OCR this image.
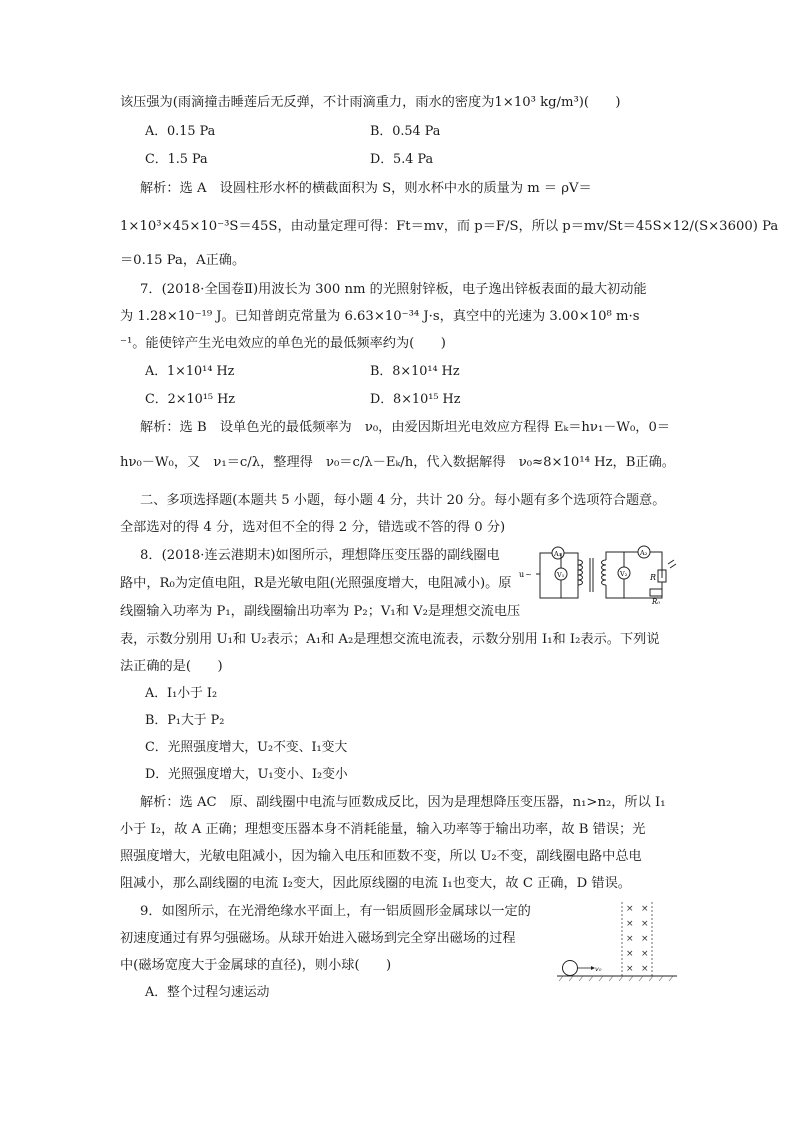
该压强为(雨滴撞击睡莲后无反弹，不计雨滴重力，雨水的密度为1×10³ kg/m³)(　　)
A．0.15 Pa	B．0.54 Pa
C．1.5 Pa	D．5.4 Pa
解析：选 A　设圆柱形水杯的横截面积为 S，则水杯中水的质量为 m ＝ ρV＝
1×10³×45×10⁻³S＝45S，由动量定理可得：Ft＝mv，而 p＝F/S，所以 p＝mv/St＝45S×12/(S×3600) Pa
＝0.15 Pa，A正确。
7．(2018·全国卷Ⅱ)用波长为 300 nm 的光照射锌板，电子逸出锌板表面的最大初动能
为 1.28×10⁻¹⁹ J。已知普朗克常量为 6.63×10⁻³⁴ J·s，真空中的光速为 3.00×10⁸ m·s
⁻¹。能使锌产生光电效应的单色光的最低频率约为(　　)
A．1×10¹⁴ Hz	B．8×10¹⁴ Hz
C．2×10¹⁵ Hz	D．8×10¹⁵ Hz
解析：选 B　设单色光的最低频率为　ν₀，由爱因斯坦光电效应方程得 Eₖ＝hν₁－W₀，0＝
hν₀－W₀，又　ν₁＝c/λ，整理得　ν₀＝c/λ－Eₖ/h，代入数据解得　ν₀≈8×10¹⁴ Hz，B正确。
二、多项选择题(本题共 5 小题，每小题 4 分，共计 20 分。每小题有多个选项符合题意。
全部选对的得 4 分，选对但不全的得 2 分，错选或不答的得 0 分)
8．(2018·连云港期末)如图所示，理想降压变压器的副线圈电
路中，R₀为定值电阻，R是光敏电阻(光照强度增大，电阻减小)。原
线圈输入功率为 P₁，副线圈输出功率为 P₂；V₁和 V₂是理想交流电压
表，示数分别用 U₁和 U₂表示；A₁和 A₂是理想交流电流表，示数分别用 I₁和 I₂表示。下列说
法正确的是(　　)
A．I₁小于 I₂
B．P₁大于 P₂
C．光照强度增大，U₂不变、I₁变大
D．光照强度增大，U₁变小、I₂变小
解析：选 AC　原、副线圈中电流与匝数成反比，因为是理想降压变压器，n₁>n₂，所以 I₁
小于 I₂，故 A 正确；理想变压器本身不消耗能量，输入功率等于输出功率，故 B 错误；光
照强度增大，光敏电阻减小，因为输入电压和匝数不变，所以 U₂不变，副线圈电路中总电
阻减小，那么副线圈的电流 I₂变大，因此原线圈的电流 I₁也变大，故 C 正确，D 错误。
u ~
A₁
V₁
A₂
V₂	R
R₀
9．如图所示，在光滑绝缘水平面上，有一铝质圆形金属球以一定的
初速度通过有界匀强磁场。从球开始进入磁场到完全穿出磁场的过程
中(磁场宽度大于金属球的直径)，则小球(　　)
A．整个过程匀速运动
× ×
× ×
× ×
× ×
× ×
v₀
